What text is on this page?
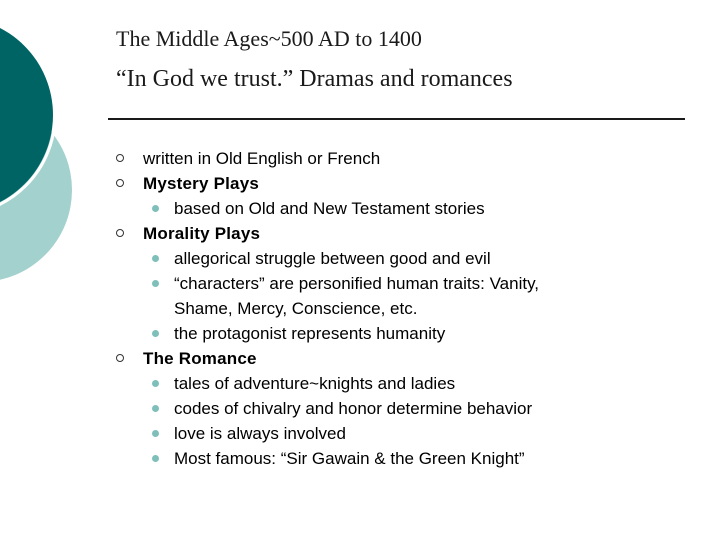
The Middle Ages~500 AD to 1400
“In God we trust.” Dramas and romances
written in Old English or French
Mystery Plays
based on Old and New Testament stories
Morality Plays
allegorical struggle between good and evil
“characters” are personified human traits: Vanity,
Shame, Mercy, Conscience, etc.
the protagonist represents humanity
The Romance
tales of adventure~knights and ladies
codes of chivalry and honor determine behavior
love is always involved
Most famous: “Sir Gawain & the Green Knight”
